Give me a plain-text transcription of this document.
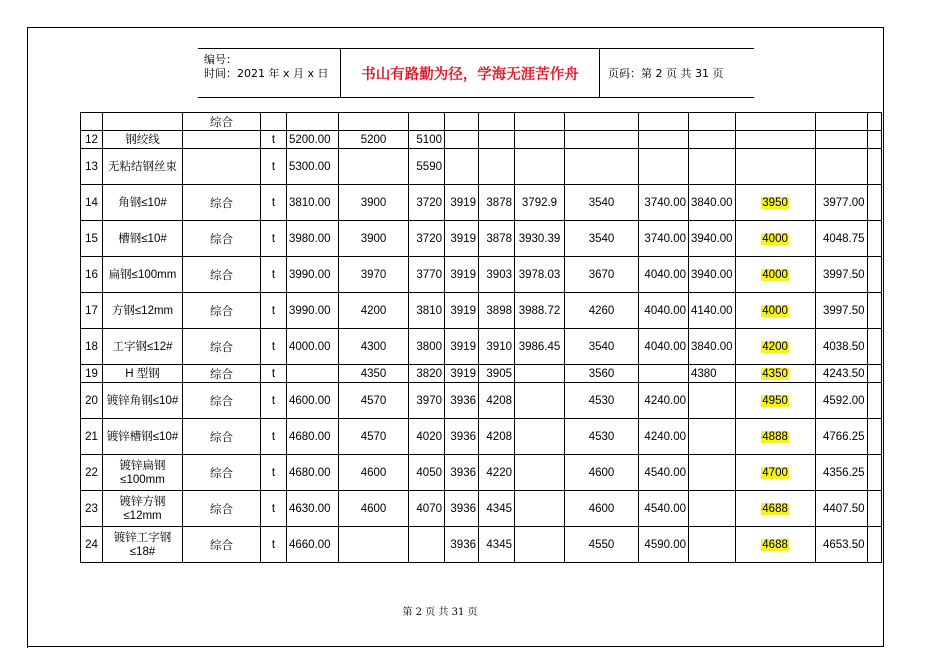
编号：
时间：2021 年 x 月 x 日	书山有路勤为径，学海无涯苦作舟	页码：第 2 页 共 31 页
		综合													
12	钢绞线		t	5200.00	5200	5100									
13	无粘结钢丝束		t	5300.00		5590									
14	角钢≤10#	综合	t	3810.00	3900	3720	3919	3878	3792.9	3540	3740.00	3840.00	3950	3977.00	
15	槽钢≤10#	综合	t	3980.00	3900	3720	3919	3878	3930.39	3540	3740.00	3940.00	4000	4048.75	
16	扁钢≤100mm	综合	t	3990.00	3970	3770	3919	3903	3978.03	3670	4040.00	3940.00	4000	3997.50	
17	方钢≤12mm	综合	t	3990.00	4200	3810	3919	3898	3988.72	4260	4040.00	4140.00	4000	3997.50	
18	工字钢≤12#	综合	t	4000.00	4300	3800	3919	3910	3986.45	3540	4040.00	3840.00	4200	4038.50	
19	H 型钢	综合	t		4350	3820	3919	3905		3560		4380	4350	4243.50	
20	镀锌角钢≤10#	综合	t	4600.00	4570	3970	3936	4208		4530	4240.00		4950	4592.00	
21	镀锌槽钢≤10#	综合	t	4680.00	4570	4020	3936	4208		4530	4240.00		4888	4766.25	
22	镀锌扁钢≤100mm	综合	t	4680.00	4600	4050	3936	4220		4600	4540.00		4700	4356.25	
23	镀锌方钢≤12mm	综合	t	4630.00	4600	4070	3936	4345		4600	4540.00		4688	4407.50	
24	镀锌工字钢≤18#	综合	t	4660.00			3936	4345		4550	4590.00		4688	4653.50	
第 2 页 共 31 页
